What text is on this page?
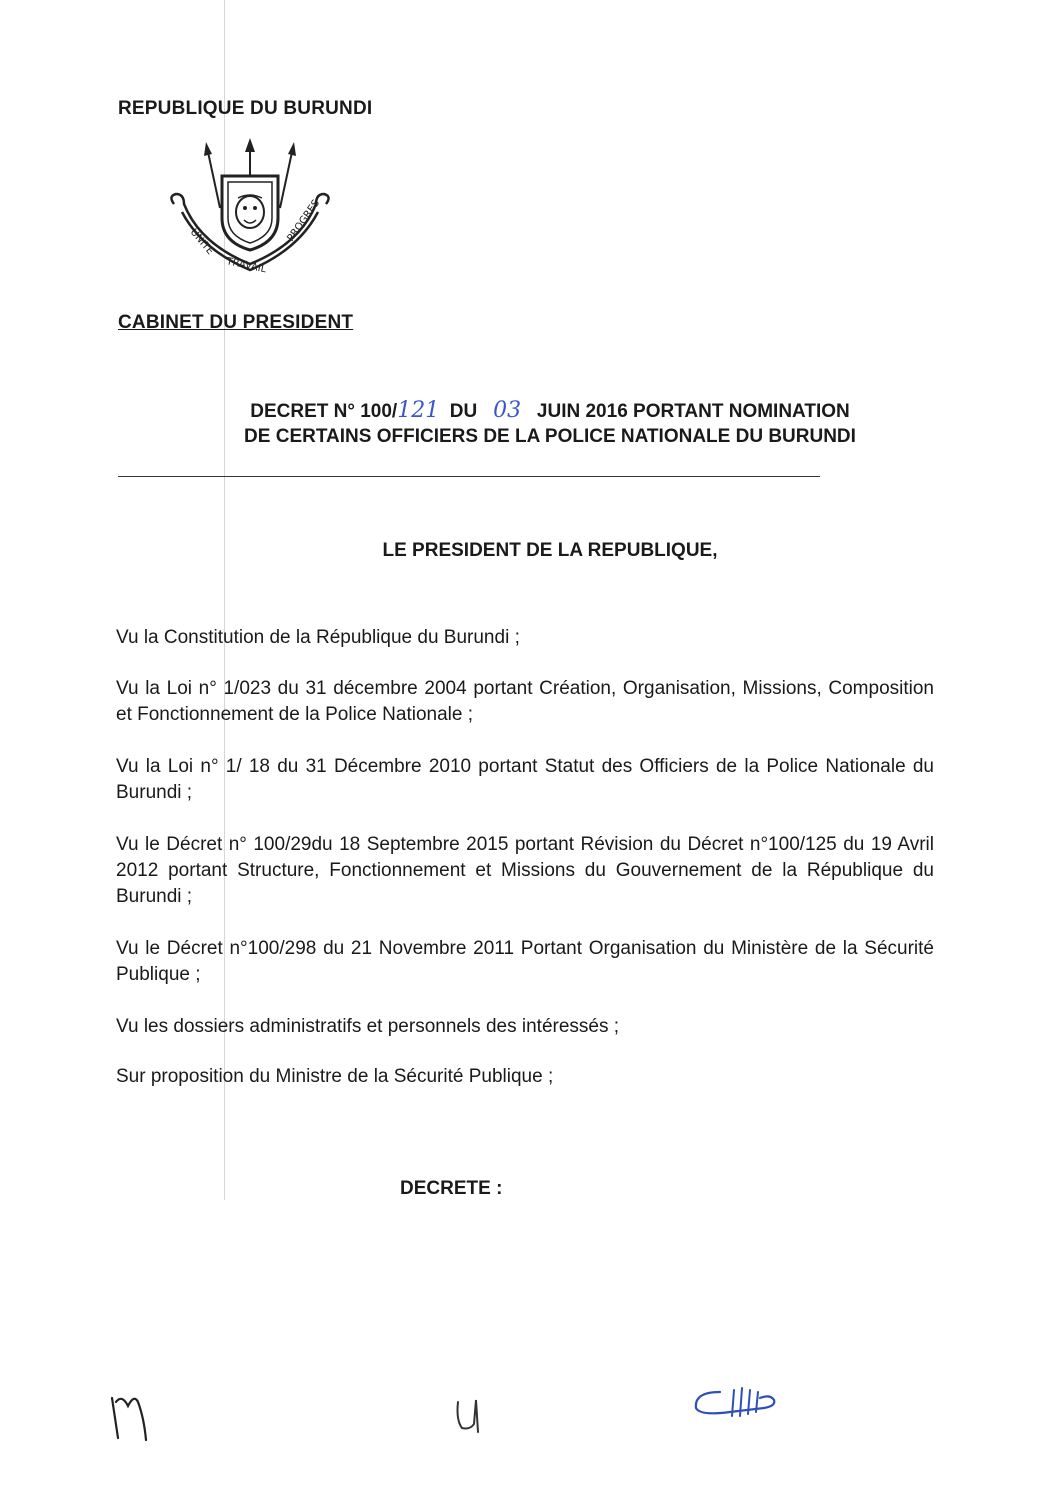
REPUBLIQUE DU BURUNDI
UNITE
TRAVAIL
PROGRES
CABINET DU PRESIDENT
DECRET N° 100/121 DU 03 JUIN 2016 PORTANT NOMINATION
DE CERTAINS OFFICIERS DE LA POLICE NATIONALE DU BURUNDI
LE PRESIDENT DE LA REPUBLIQUE,
Vu la Constitution de la République du Burundi ;
Vu la Loi n° 1/023 du 31 décembre 2004 portant Création, Organisation, Missions, Composition et Fonctionnement de la Police Nationale ;
Vu la Loi n° 1/ 18 du 31 Décembre 2010 portant Statut des Officiers de la Police Nationale du Burundi ;
Vu le Décret n° 100/29du 18 Septembre 2015 portant Révision du Décret n°100/125 du 19 Avril 2012 portant Structure, Fonctionnement et Missions du Gouvernement de la République du Burundi ;
Vu le Décret n°100/298 du 21 Novembre 2011 Portant Organisation du Ministère de la Sécurité Publique ;
Vu les dossiers administratifs et personnels des intéressés ;
Sur proposition du Ministre de la Sécurité Publique ;
DECRETE :
